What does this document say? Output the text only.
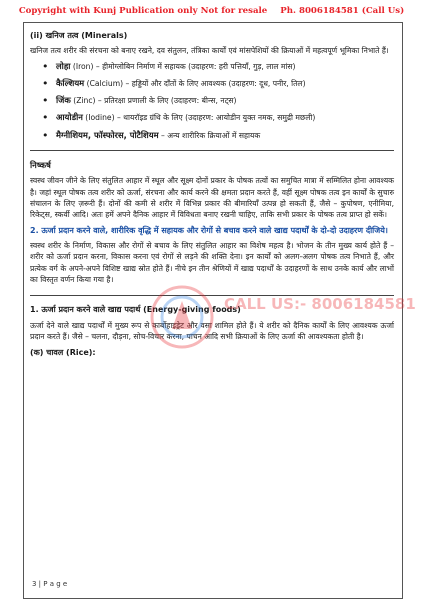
Copyright with Kunj Publication only Not for resale Ph. 8006184581 (Call Us)
(ii) खनिज तत्व (Minerals)

खनिज तत्व शरीर की संरचना को बनाए रखने, दव संतुलन, तंत्रिका कार्यों एवं मांसपेशियों की क्रियाओं में महत्वपूर्ण भूमिका निभाते हैं।

• लोहा (Iron) – हीमोग्लोबिन निर्माण में सहायक (उदाहरण: हरी पत्तियाँ, गुड़, लाल मांस)
• कैल्शियम (Calcium) – हड्डियों और दाँतों के लिए आवश्यक (उदाहरण: दूध, पनीर, तिल)
• जिंक (Zinc) – प्रतिरक्षा प्रणाली के लिए (उदाहरण: बीन्स, नट्स)
• आयोडीन (Iodine) – थायरॉइड ग्रंथि के लिए (उदाहरण: आयोडीन युक्त नमक, समुद्री मछली)
• मैग्नीशियम, फॉस्फोरस, पोटैशियम – अन्य शारीरिक क्रियाओं में सहायक
निष्कर्ष

स्वस्थ जीवन जीने के लिए संतुलित आहार में स्थूल और सूक्ष्म दोनों प्रकार के पोषक तत्वों का समुचित मात्रा में सम्मिलित होना आवश्यक है। जहां स्थूल पोषक तत्व शरीर को ऊर्जा, संरचना और कार्य करने की क्षमता प्रदान करते हैं, वहीं सूक्ष्म पोषक तत्व इन कार्यों के सुचारु संचालन के लिए ज़रूरी हैं। दोनों की कमी से शरीर में विभिन्न प्रकार की बीमारियाँ उत्पन्न हो सकती हैं, जैसे – कुपोषण, एनीमिया, रिकेट्स, स्कर्वी आदि। अतः हमें अपने दैनिक आहार में विविधता बनाए रखनी चाहिए, ताकि सभी प्रकार के पोषक तत्व प्राप्त हो सकें।

2. ऊर्जा प्रदान करने वाले, शारीरिक वृद्धि में सहायक और रोगों से बचाव करने वाले खाद्य पदार्थों के दो-दो उदाहरण दीजिये।

स्वस्थ शरीर के निर्माण, विकास और रोगों से बचाव के लिए संतुलित आहार का विशेष महत्व है। भोजन के तीन मुख्य कार्य होते हैं – शरीर को ऊर्जा प्रदान करना, विकास करना एवं रोगों से लड़ने की शक्ति देना। इन कार्यों को अलग-अलग पोषक तत्व निभाते हैं, और प्रत्येक वर्ग के अपने-अपने विशिष्ट खाद्य स्रोत होते हैं। नीचे इन तीन श्रेणियों में खाद्य पदार्थों के उदाहरणों के साथ उनके कार्य और लाभों का विस्तृत वर्णन किया गया है।

1. ऊर्जा प्रदान करने वाले खाद्य पदार्थ (Energy-giving foods)

ऊर्जा देने वाले खाद्य पदार्थों में मुख्य रूप से कार्बोहाइड्रेट और वसा शामिल होते हैं। ये शरीर को दैनिक कार्यों के लिए आवश्यक ऊर्जा प्रदान करते हैं। जैसे – चलना, दौड़ना, सोच-विचार करना, पाचन आदि सभी क्रियाओं के लिए ऊर्जा की आवश्यकता होती है।

(क) चावल (Rice):
CALL US:- 8006184581
3 | P a g e
